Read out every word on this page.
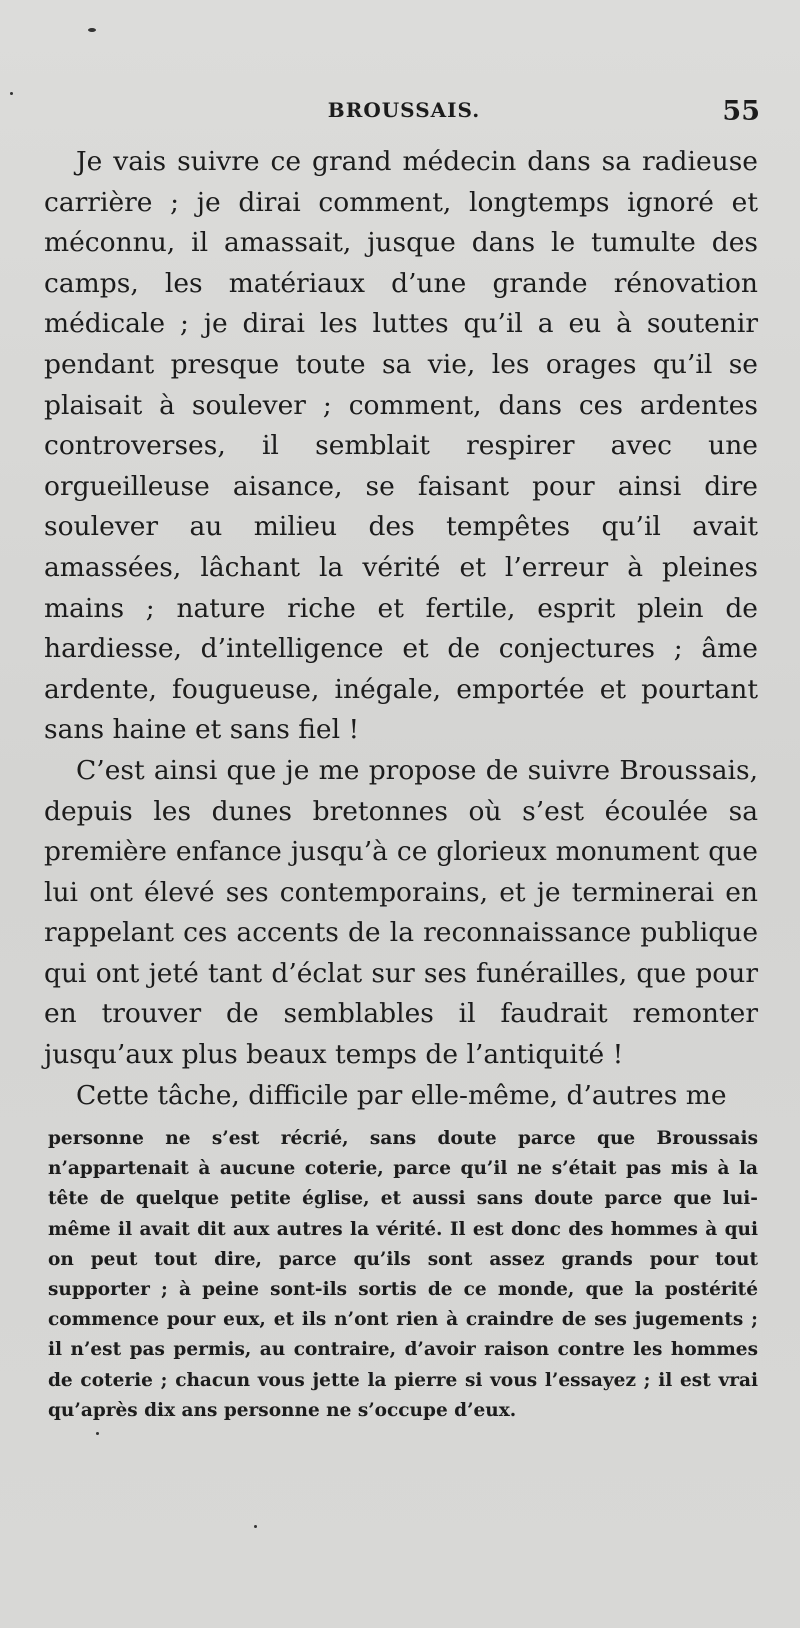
BROUSSAIS.	55

Je vais suivre ce grand médecin dans sa radieuse carrière ; je dirai comment, longtemps ignoré et méconnu, il amassait, jusque dans le tumulte des camps, les matériaux d’une grande rénovation médicale ; je dirai les luttes qu’il a eu à soutenir pendant presque toute sa vie, les orages qu’il se plaisait à soulever ; comment, dans ces ardentes controverses, il semblait respirer avec une orgueilleuse aisance, se faisant pour ainsi dire soulever au milieu des tempêtes qu’il avait amassées, lâchant la vérité et l’erreur à pleines mains ; nature riche et fertile, esprit plein de hardiesse, d’intelligence et de conjectures ; âme ardente, fougueuse, inégale, emportée et pourtant sans haine et sans fiel !

C’est ainsi que je me propose de suivre Broussais, depuis les dunes bretonnes où s’est écoulée sa première enfance jusqu’à ce glorieux monument que lui ont élevé ses contemporains, et je terminerai en rappelant ces accents de la reconnaissance publique qui ont jeté tant d’éclat sur ses funérailles, que pour en trouver de semblables il faudrait remonter jusqu’aux plus beaux temps de l’antiquité !

Cette tâche, difficile par elle-même, d’autres me

personne ne s’est récrié, sans doute parce que Broussais n’appartenait à aucune coterie, parce qu’il ne s’était pas mis à la tête de quelque petite église, et aussi sans doute parce que lui-même il avait dit aux autres la vérité. Il est donc des hommes à qui on peut tout dire, parce qu’ils sont assez grands pour tout supporter ; à peine sont-ils sortis de ce monde, que la postérité commence pour eux, et ils n’ont rien à craindre de ses jugements ; il n’est pas permis, au contraire, d’avoir raison contre les hommes de coterie ; chacun vous jette la pierre si vous l’essayez ; il est vrai qu’après dix ans personne ne s’occupe d’eux.
